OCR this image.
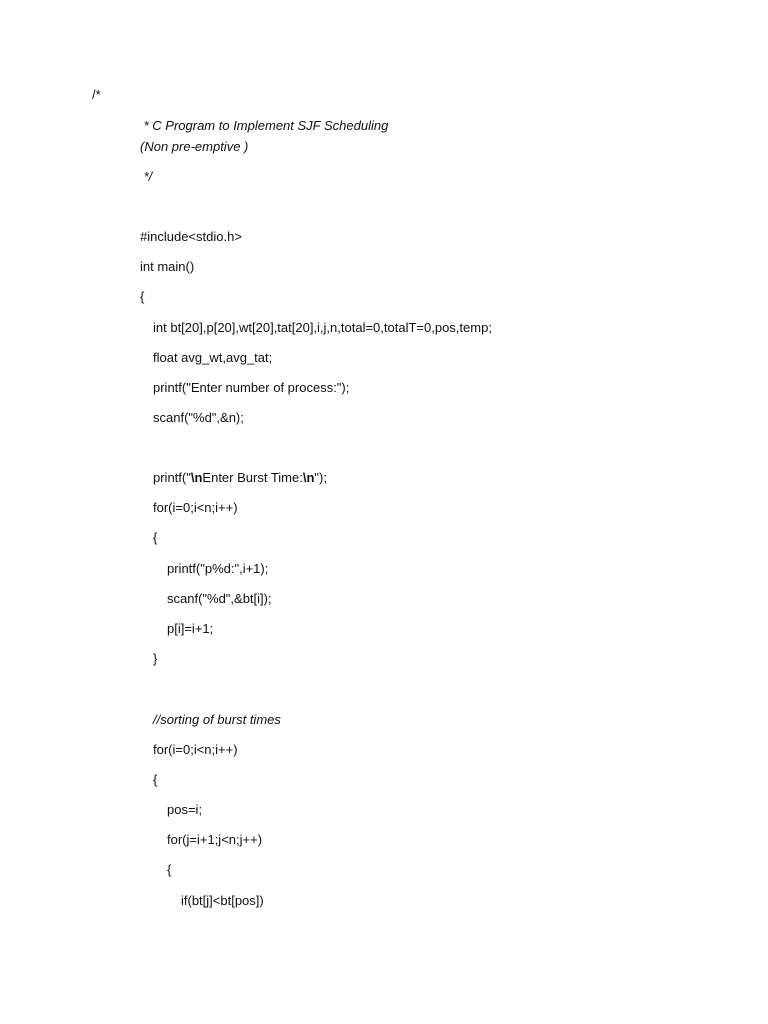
/*
* C Program to Implement SJF Scheduling
(Non pre-emptive )
*/
#include<stdio.h>
int main()
{
int bt[20],p[20],wt[20],tat[20],i,j,n,total=0,totalT=0,pos,temp;
float avg_wt,avg_tat;
printf("Enter number of process:");
scanf("%d",&n);
printf("\nEnter Burst Time:\n");
for(i=0;i<n;i++)
{
printf("p%d:",i+1);
scanf("%d",&bt[i]);
p[i]=i+1;
}
//sorting of burst times
for(i=0;i<n;i++)
{
pos=i;
for(j=i+1;j<n;j++)
{
if(bt[j]<bt[pos])
